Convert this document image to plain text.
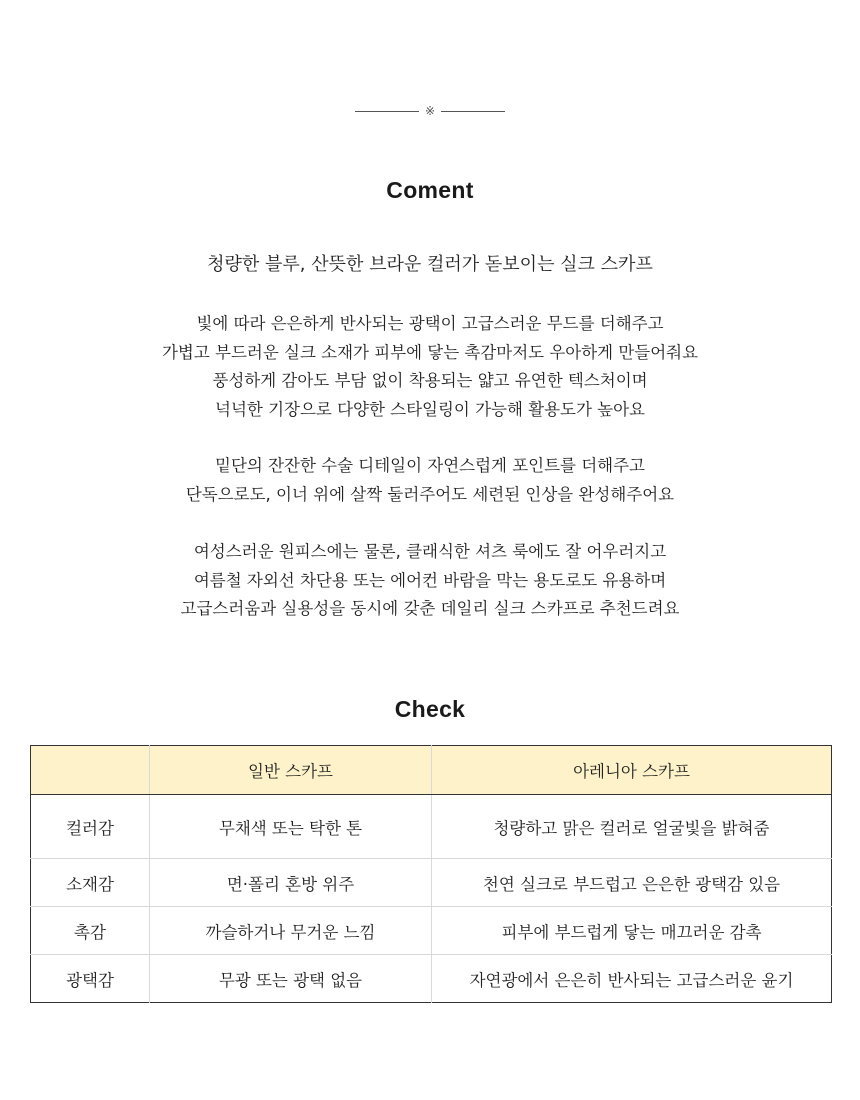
※
Coment
청량한 블루, 산뜻한 브라운 컬러가 돋보이는 실크 스카프
빛에 따라 은은하게 반사되는 광택이 고급스러운 무드를 더해주고
가볍고 부드러운 실크 소재가 피부에 닿는 촉감마저도 우아하게 만들어줘요
풍성하게 감아도 부담 없이 착용되는 얇고 유연한 텍스처이며
넉넉한 기장으로 다양한 스타일링이 가능해 활용도가 높아요
밑단의 잔잔한 수술 디테일이 자연스럽게 포인트를 더해주고
단독으로도, 이너 위에 살짝 둘러주어도 세련된 인상을 완성해주어요
여성스러운 원피스에는 물론, 클래식한 셔츠 룩에도 잘 어우러지고
여름철 자외선 차단용 또는 에어컨 바람을 막는 용도로도 유용하며
고급스러움과 실용성을 동시에 갖춘 데일리 실크 스카프로 추천드려요
Check
	일반 스카프	아레니아 스카프
컬러감	무채색 또는 탁한 톤	청량하고 맑은 컬러로 얼굴빛을 밝혀줌
소재감	면·폴리 혼방 위주	천연 실크로 부드럽고 은은한 광택감 있음
촉감	까슬하거나 무거운 느낌	피부에 부드럽게 닿는 매끄러운 감촉
광택감	무광 또는 광택 없음	자연광에서 은은히 반사되는 고급스러운 윤기
